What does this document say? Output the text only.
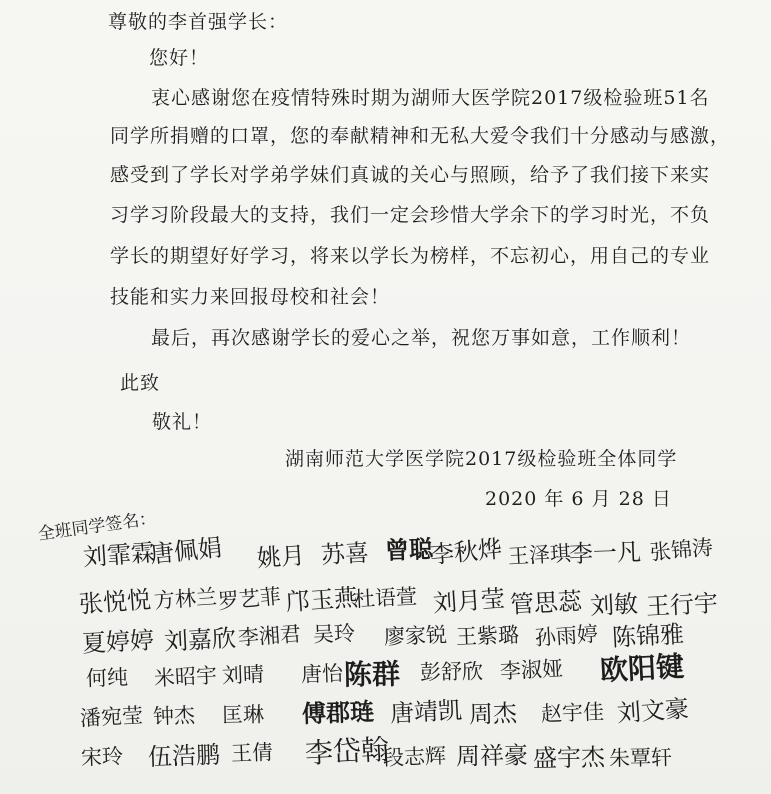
尊敬的李首强学长：
您好！
衷心感谢您在疫情特殊时期为湖师大医学院2017级检验班51名
同学所捐赠的口罩，您的奉献精神和无私大爱令我们十分感动与感激，
感受到了学长对学弟学妹们真诚的关心与照顾，给予了我们接下来实
习学习阶段最大的支持，我们一定会珍惜大学余下的学习时光，不负
学长的期望好好学习，将来以学长为榜样，不忘初心，用自己的专业
技能和实力来回报母校和社会！
最后，再次感谢学长的爱心之举，祝您万事如意，工作顺利！
此致
敬礼！
湖南师范大学医学院2017级检验班全体同学
2020 年 6 月 28 日
全班同学签名：
刘霏霖
唐佩娟 姚月 苏喜 曾聪
李秋烨 王泽琪
李一凡 张锦涛
张悦悦 方林兰 罗艺菲 邝玉燕
杜语萱 刘月莹 管思蕊 刘敏 王行宇
夏婷婷 刘嘉欣 李湘君 吴玲 廖家锐 王紫璐 孙雨婷 陈锦雅
何纯 米昭宇 刘晴 唐怡 陈群 彭舒欣 李淑娅 欧阳键
潘宛莹 钟杰 匡琳 傅郡琏 唐靖凯 周杰 赵宇佳 刘文豪
宋玲 伍浩鹏 王倩 李岱翰
段志辉 周祥豪 盛宇杰 朱覃轩
